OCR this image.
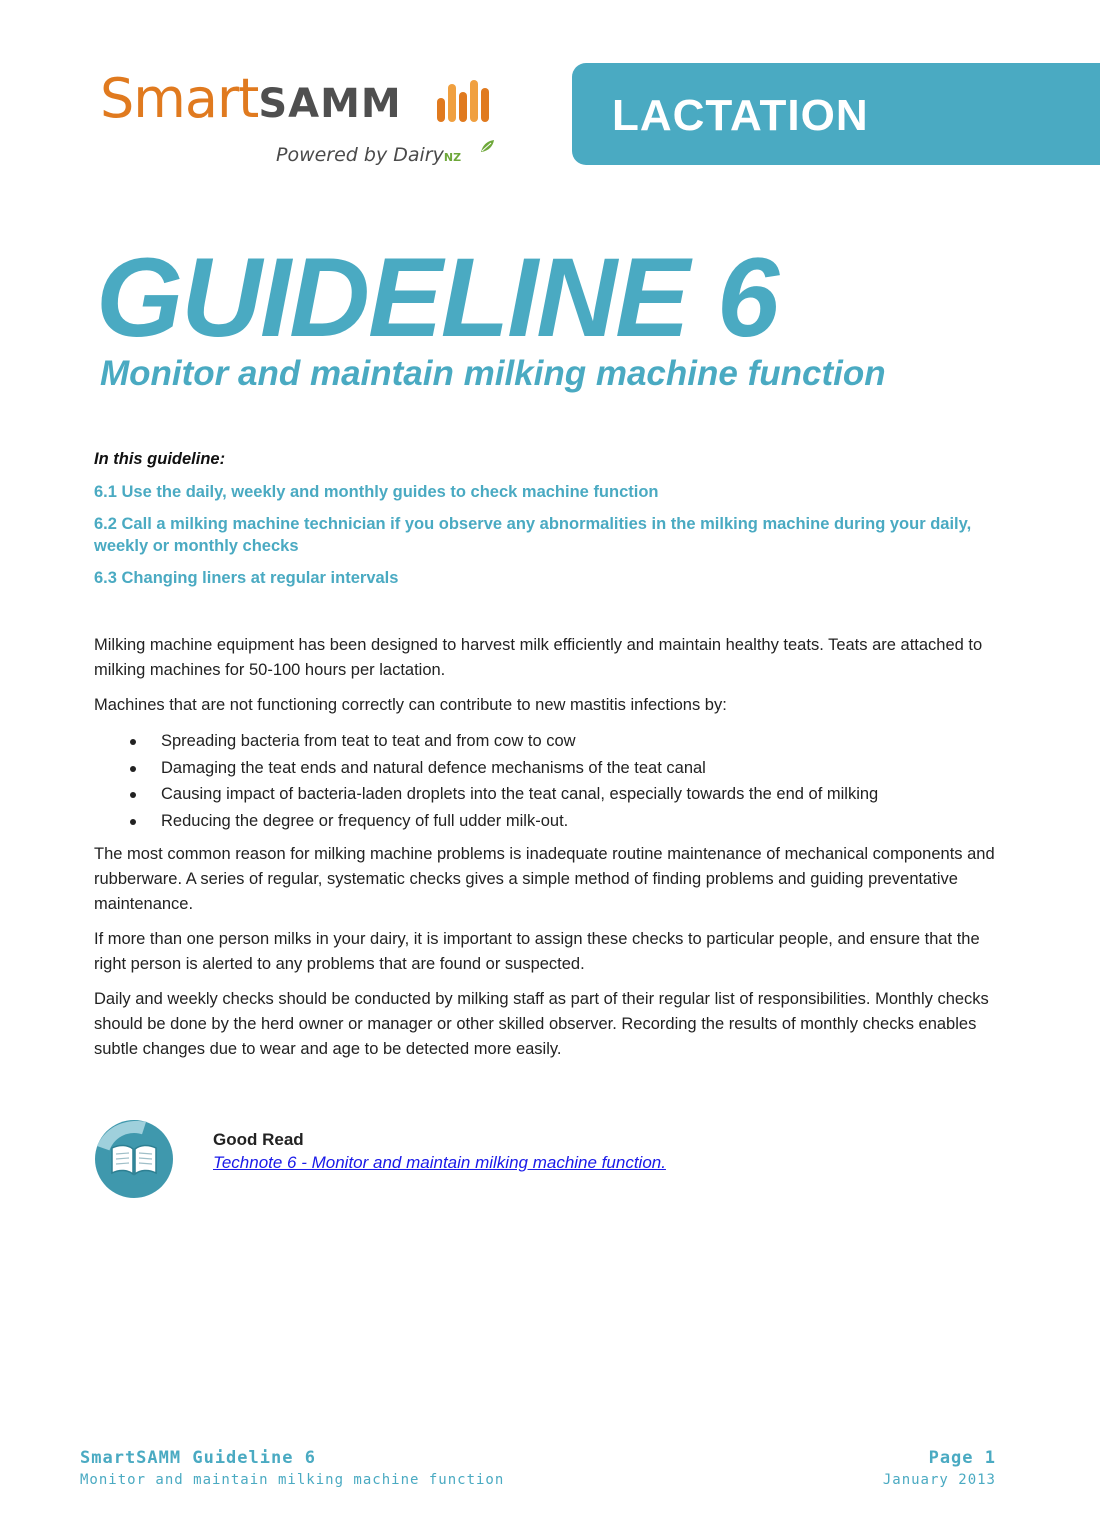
SmartSAMM
Powered by DairyNZ
LACTATION
GUIDELINE 6
Monitor and maintain milking machine function

In this guideline:

6.1 Use the daily, weekly and monthly guides to check machine function
6.2 Call a milking machine technician if you observe any abnormalities in the milking machine during your daily, weekly or monthly checks
6.3 Changing liners at regular intervals

Milking machine equipment has been designed to harvest milk efficiently and maintain healthy teats. Teats are attached to milking machines for 50-100 hours per lactation.

Machines that are not functioning correctly can contribute to new mastitis infections by:

Spreading bacteria from teat to teat and from cow to cow
Damaging the teat ends and natural defence mechanisms of the teat canal
Causing impact of bacteria-laden droplets into the teat canal, especially towards the end of milking
Reducing the degree or frequency of full udder milk-out.

The most common reason for milking machine problems is inadequate routine maintenance of mechanical components and rubberware. A series of regular, systematic checks gives a simple method of finding problems and guiding preventative maintenance.

If more than one person milks in your dairy, it is important to assign these checks to particular people, and ensure that the right person is alerted to any problems that are found or suspected.

Daily and weekly checks should be conducted by milking staff as part of their regular list of responsibilities. Monthly checks should be done by the herd owner or manager or other skilled observer. Recording the results of monthly checks enables subtle changes due to wear and age to be detected more easily.

Good Read
Technote 6 - Monitor and maintain milking machine function.
SmartSAMM Guideline 6
Monitor and maintain milking machine function
Page 1
January 2013
